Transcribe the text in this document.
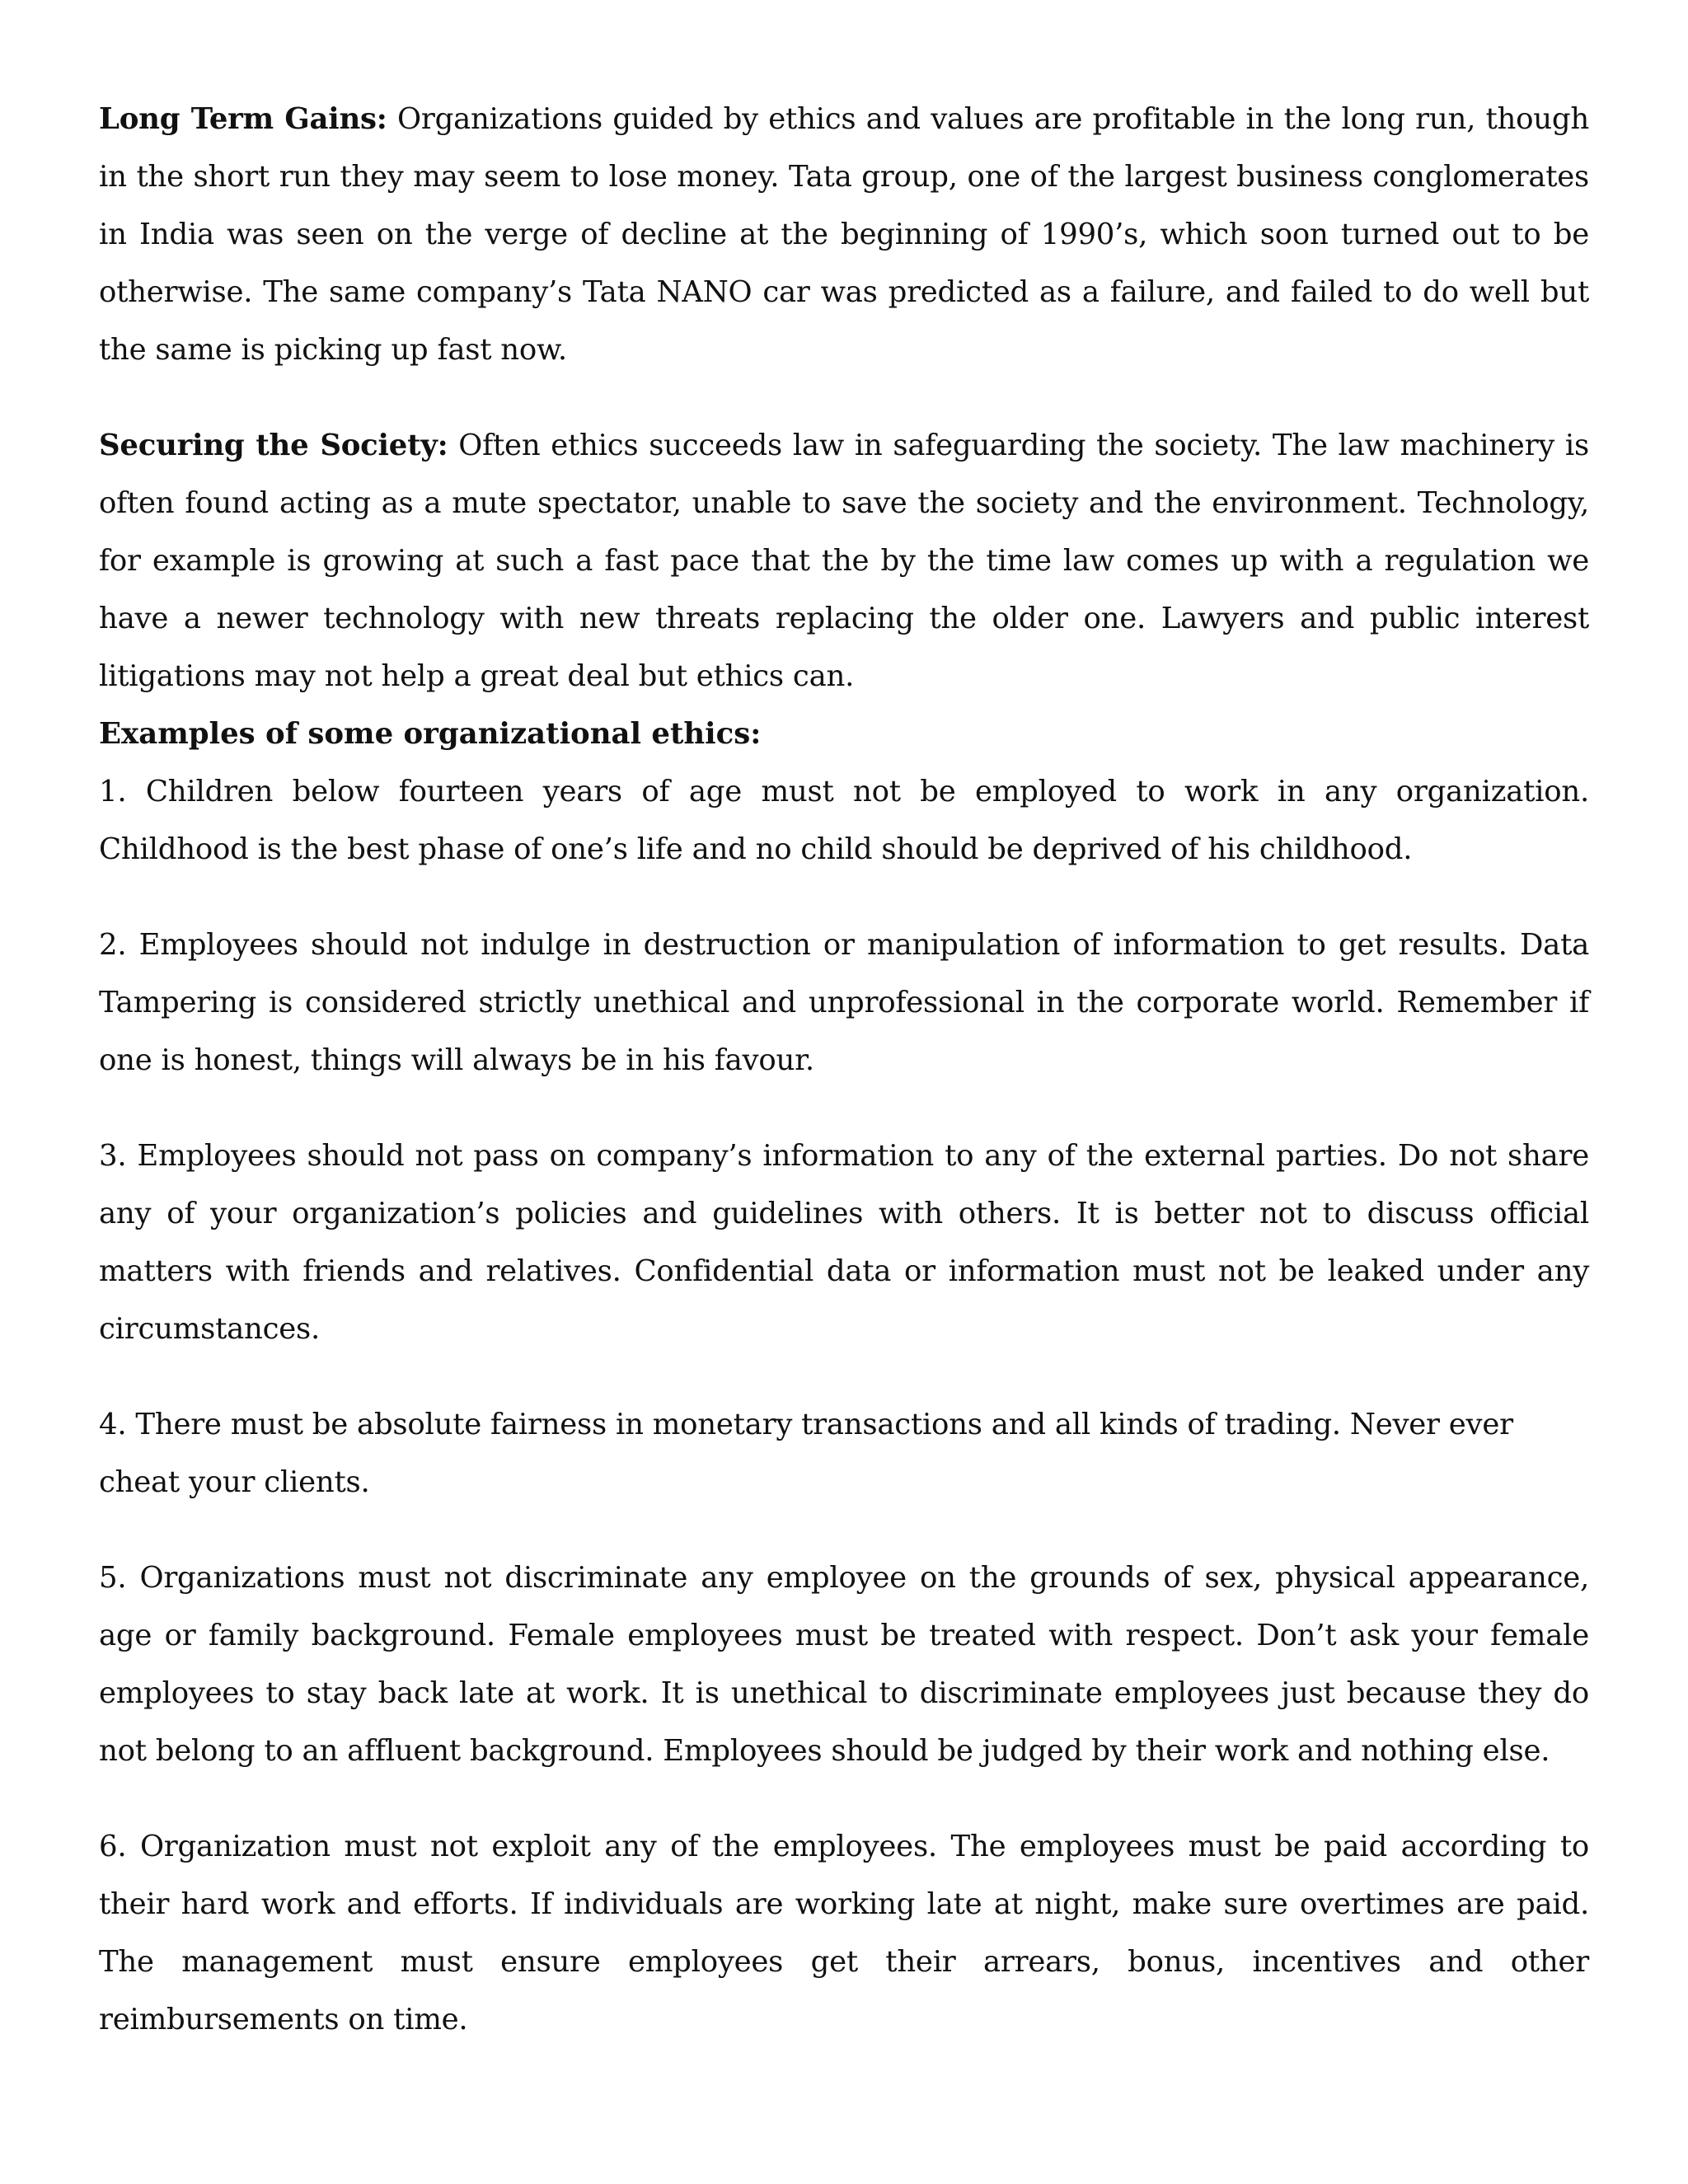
Long Term Gains: Organizations guided by ethics and values are profitable in the long run, though in the short run they may seem to lose money. Tata group, one of the largest business conglomerates in India was seen on the verge of decline at the beginning of 1990’s, which soon turned out to be otherwise. The same company’s Tata NANO car was predicted as a failure, and failed to do well but the same is picking up fast now.

Securing the Society: Often ethics succeeds law in safeguarding the society. The law machinery is often found acting as a mute spectator, unable to save the society and the environment. Technology, for example is growing at such a fast pace that the by the time law comes up with a regulation we have a newer technology with new threats replacing the older one. Lawyers and public interest litigations may not help a great deal but ethics can.

Examples of some organizational ethics:

1. Children below fourteen years of age must not be employed to work in any organization. Childhood is the best phase of one’s life and no child should be deprived of his childhood.

2. Employees should not indulge in destruction or manipulation of information to get results. Data Tampering is considered strictly unethical and unprofessional in the corporate world. Remember if one is honest, things will always be in his favour.

3. Employees should not pass on company’s information to any of the external parties. Do not share any of your organization’s policies and guidelines with others. It is better not to discuss official matters with friends and relatives. Confidential data or information must not be leaked under any circumstances.

4. There must be absolute fairness in monetary transactions and all kinds of trading. Never ever cheat your clients.

5. Organizations must not discriminate any employee on the grounds of sex, physical appearance, age or family background. Female employees must be treated with respect. Don’t ask your female employees to stay back late at work. It is unethical to discriminate employees just because they do not belong to an affluent background. Employees should be judged by their work and nothing else.

6. Organization must not exploit any of the employees. The employees must be paid according to their hard work and efforts. If individuals are working late at night, make sure overtimes are paid. The management must ensure employees get their arrears, bonus, incentives and other reimbursements on time.
